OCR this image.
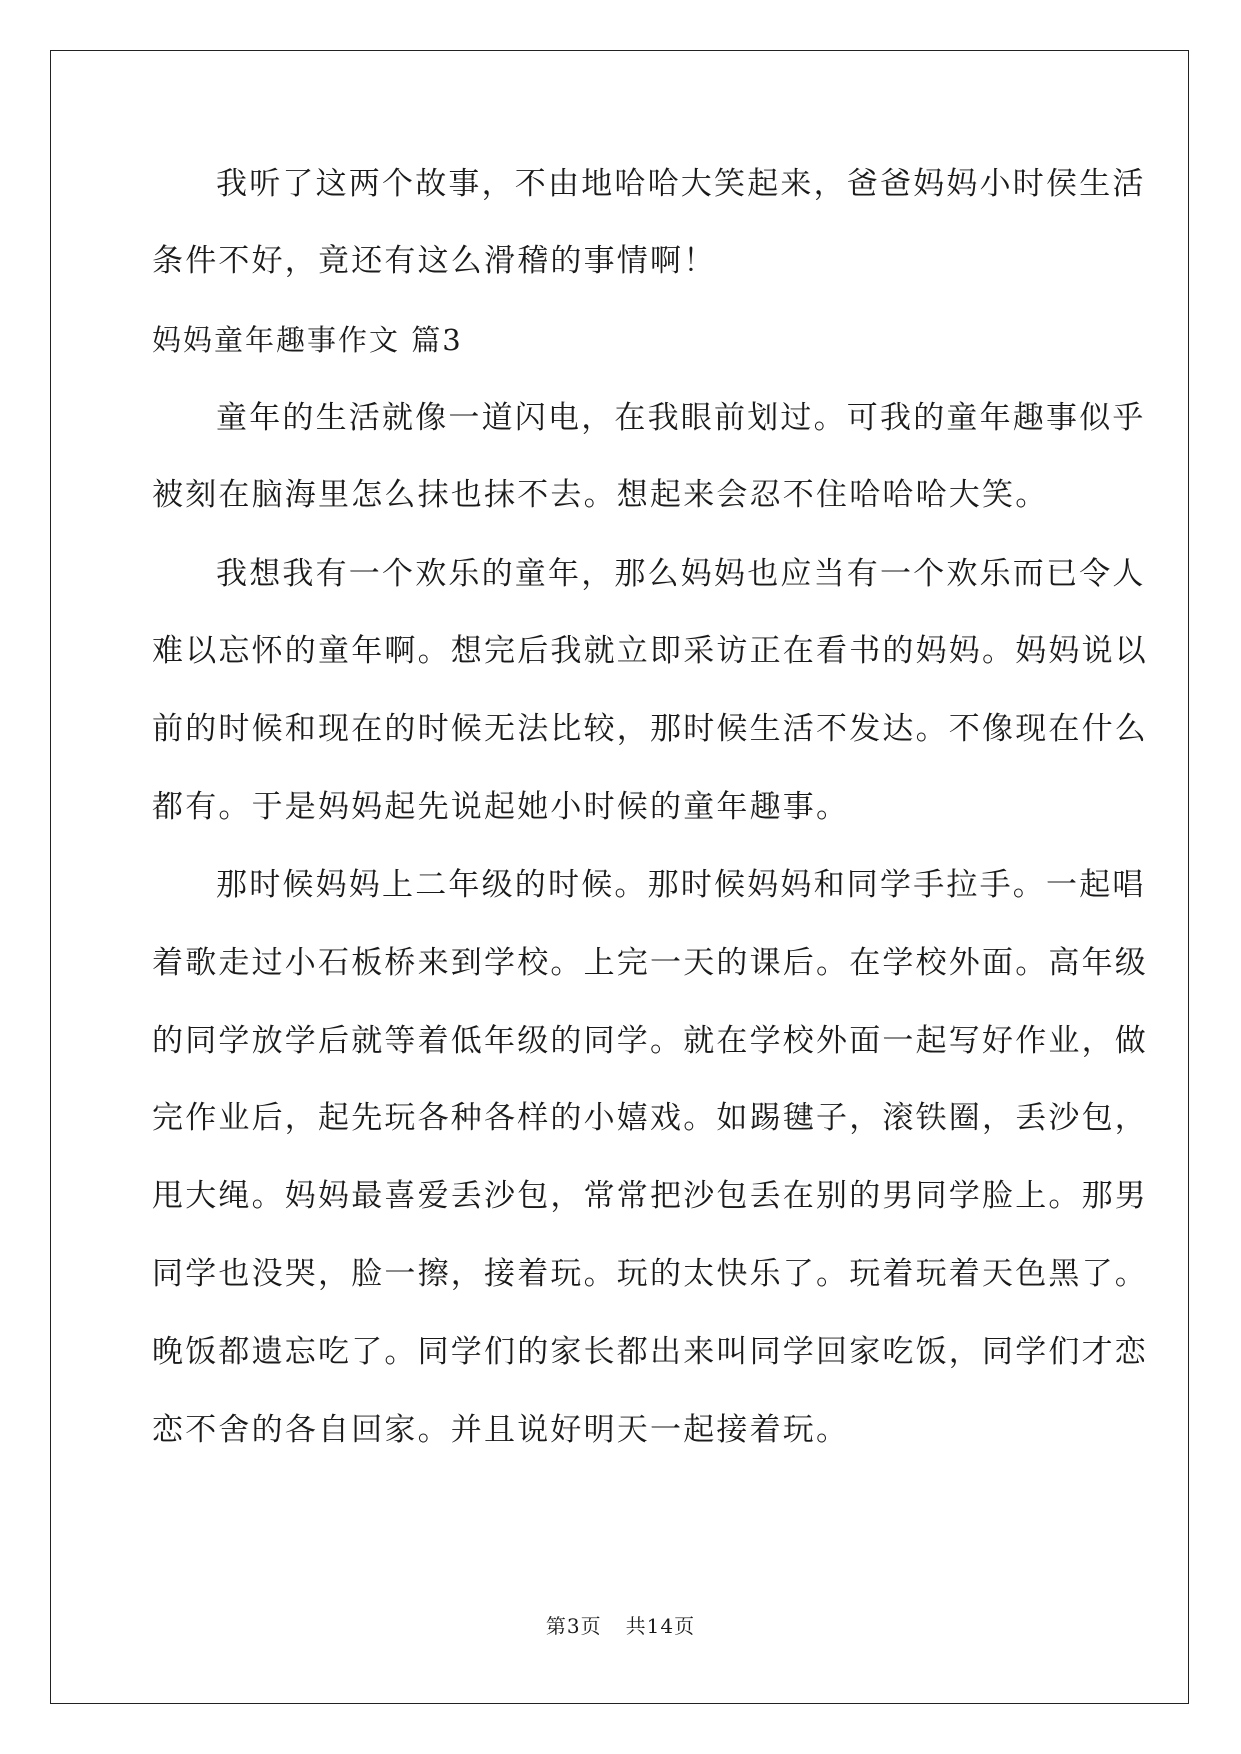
我听了这两个故事，不由地哈哈大笑起来，爸爸妈妈小时侯生活
条件不好，竟还有这么滑稽的事情啊！
妈妈童年趣事作文 篇3
童年的生活就像一道闪电，在我眼前划过。可我的童年趣事似乎
被刻在脑海里怎么抹也抹不去。想起来会忍不住哈哈哈大笑。
我想我有一个欢乐的童年，那么妈妈也应当有一个欢乐而已令人
难以忘怀的童年啊。想完后我就立即采访正在看书的妈妈。妈妈说以
前的时候和现在的时候无法比较，那时候生活不发达。不像现在什么
都有。于是妈妈起先说起她小时候的童年趣事。
那时候妈妈上二年级的时候。那时候妈妈和同学手拉手。一起唱
着歌走过小石板桥来到学校。上完一天的课后。在学校外面。高年级
的同学放学后就等着低年级的同学。就在学校外面一起写好作业，做
完作业后，起先玩各种各样的小嬉戏。如踢毽子，滚铁圈，丢沙包，
甩大绳。妈妈最喜爱丢沙包，常常把沙包丢在别的男同学脸上。那男
同学也没哭，脸一擦，接着玩。玩的太快乐了。玩着玩着天色黑了。
晚饭都遗忘吃了。同学们的家长都出来叫同学回家吃饭，同学们才恋
恋不舍的各自回家。并且说好明天一起接着玩。
第3页 共14页
